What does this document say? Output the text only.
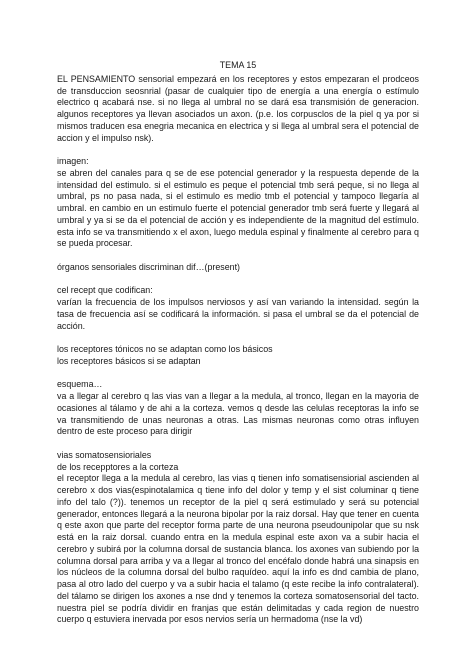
TEMA 15

EL PENSAMIENTO sensorial empezará en los receptores y estos empezaran el prodceos de transduccion seosnrial (pasar de cualquier tipo de energía a una energía o estímulo electrico q acabará nse. si no llega al umbral no se dará esa transmisión de generacion. algunos receptores ya llevan asociados un axon. (p.e. los corpusclos de la piel q ya por si mismos traducen esa enegria mecanica en electrica y si llega al umbral sera el potencial de accion y el impulso nsk).

imagen:
se abren del canales para q se de ese potencial generador y la respuesta depende de la intensidad del estimulo. si el estimulo es peque el potencial tmb será peque, si no llega al umbral, ps no pasa nada, si el estimulo es medio tmb el potencial y tampoco llegaría al umbral. en cambio en un estimulo fuerte el potencial generador tmb será fuerte y llegará al umbral y ya si se da el potencial de acción y es independiente de la magnitud del estímulo. esta info se va transmitiendo x el axon, luego medula espinal y finalmente al cerebro para q se pueda procesar.

órganos sensoriales discriminan dif…(present)

cel recept que codifican:
varían la frecuencia de los impulsos nerviosos y así van variando la intensidad. según la tasa de frecuencia así se codificará la información. si pasa el umbral se da el potencial de acción.

los receptores tónicos no se adaptan como los básicos
los receptores básicos si se adaptan

esquema…
va a llegar al cerebro q las vias van a llegar a la medula, al tronco, llegan en la mayoria de ocasiones al tálamo y de ahi a la corteza. vemos q desde las celulas receptoras la info se va transmitiendo de unas neuronas a otras. Las mismas neuronas como otras influyen dentro de este proceso para dirigir

vias somatosensioriales
de los recepptores a la corteza
el receptor llega a la medula al cerebro, las vias q tienen info somatisensiorial ascienden al cerebro x dos vias(espinotalamica q tiene info del dolor y temp y el sist columinar q tiene info del talo (?)). tenemos un receptor de la piel q será estimulado y será su potencial generador, entonces llegará a la neurona bipolar por la raiz dorsal. Hay que tener en cuenta q este axon que parte del receptor forma parte de una neurona pseudounipolar que su nsk está en la raiz dorsal. cuando entra en la medula espinal este axon va a subir hacia el cerebro y subirá por la columna dorsal de sustancia blanca. los axones van subiendo por la columna dorsal para arriba y va a llegar al tronco del encéfalo donde habrá una sinapsis en los núcleos de la columna dorsal del bulbo raquídeo. aquí la info es dnd cambia de plano, pasa al otro lado del cuerpo y va a subir hacia el talamo (q este recibe la info contralateral). del tálamo se dirigen los axones a nse dnd y tenemos la corteza somatosensorial del tacto. nuestra piel se podría dividir en franjas que están delimitadas y cada region de nuestro cuerpo q estuviera inervada por esos nervios sería un hermadoma (nse la vd)
